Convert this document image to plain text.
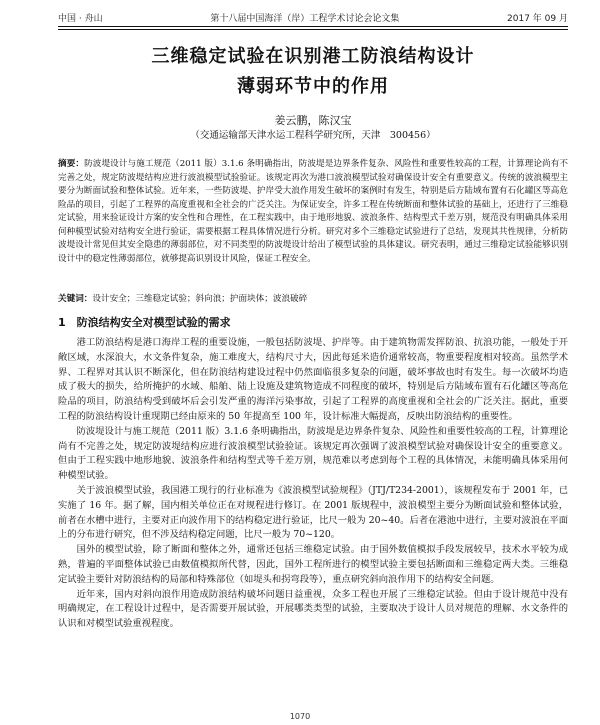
中国 · 舟山	第十八届中国海洋（岸）工程学术讨论会论文集	2017 年 09 月
三维稳定试验在识别港工防浪结构设计
薄弱环节中的作用
姜云鹏，陈汉宝
（交通运输部天津水运工程科学研究所，天津　300456）

摘要：防波堤设计与施工规范（2011 版）3.1.6 条明确指出，防波堤是边界条件复杂、风险性和重要性较高的工程，计算理论尚有不完善之处，规定防波堤结构应进行波浪模型试验验证。该规定再次为港口波浪模型试验对确保设计安全有重要意义。传统的波浪模型主要分为断面试验和整体试验。近年来，一些防波堤、护岸受大浪作用发生破坏的案例时有发生，特别是后方陆域布置有石化罐区等高危险品的项目，引起了工程界的高度重视和全社会的广泛关注。为保证安全，许多工程在传统断面和整体试验的基础上，还进行了三维稳定试验，用来验证设计方案的安全性和合理性，在工程实践中，由于地形地貌、波浪条件、结构型式千差万别，规范没有明确具体采用何种模型试验对结构安全进行验证，需要根据工程具体情况进行分析。研究对多个三维稳定试验进行了总结，发现其共性规律，分析防波堤设计常见但其安全隐患的薄弱部位，对不同类型的防波堤设计给出了模型试验的具体建议。研究表明，通过三维稳定试验能够识别设计中的稳定性薄弱部位，就够提高识别设计风险，保证工程安全。

关键词：设计安全；三维稳定试验；斜向浪；护面块体；波浪破碎

1　防浪结构安全对模型试验的需求

港工防浪结构是港口海岸工程的重要设施，一般包括防波堤、护岸等。由于建筑物需发挥防浪、抗浪功能，一般处于开敞区域，水深浪大，水文条件复杂，施工难度大，结构尺寸大，因此每延米造价通常较高，物重要程度相对较高。虽然学术界、工程界对其认识不断深化，但在防浪结构建设过程中仍然面临很多复杂的问题，破坏事故也时有发生。每一次破坏均造成了极大的损失，给所掩护的水域、船舶、陆上设施及建筑物造成不同程度的破坏，特别是后方陆域布置有石化罐区等高危险品的项目，防浪结构受到破坏后会引发严重的海洋污染事故，引起了工程界的高度重视和全社会的广泛关注。据此，重要工程的防浪结构设计重现期已经由原来的 50 年提高至 100 年，设计标准大幅提高，反映出防浪结构的重要性。

防波堤设计与施工规范（2011 版）3.1.6 条明确指出，防波堤是边界条件复杂、风险性和重要性较高的工程，计算理论尚有不完善之处，规定防波堤结构应进行波浪模型试验验证。该规定再次强调了波浪模型试验对确保设计安全的重要意义。但由于工程实践中地形地貌、波浪条件和结构型式等千差万别，规范难以考虑到每个工程的具体情况，未能明确具体采用何种模型试验。

关于波浪模型试验，我国港工现行的行业标准为《波浪模型试验规程》（JTJ/T234-2001），该规程发布于 2001 年，已实施了 16 年。据了解，国内相关单位正在对规程进行修订。在 2001 版规程中，波浪模型主要分为断面试验和整体试验，前者在水槽中进行，主要对正向波作用下的结构稳定进行验证，比尺一般为 20~40。后者在港池中进行，主要对波浪在平面上的分布进行研究，但不涉及结构稳定问题，比尺一般为 70~120。

国外的模型试验，除了断面和整体之外，通常还包括三维稳定试验。由于国外数值模拟手段发展较早，技术水平较为成熟，普遍的平面整体试验已由数值模拟所代替，因此，国外工程所进行的模型试验主要包括断面和三维稳定两大类。三维稳定试验主要针对防浪结构的局部和特殊部位（如堤头和拐弯段等），重点研究斜向浪作用下的结构安全问题。

近年来，国内对斜向浪作用造成防浪结构破坏问题日益重视，众多工程也开展了三维稳定试验。但由于设计规范中没有明确规定，在工程设计过程中，是否需要开展试验，开展哪类类型的试验，主要取决于设计人员对规范的理解、水文条件的认识和对模型试验重视程度。

1070
